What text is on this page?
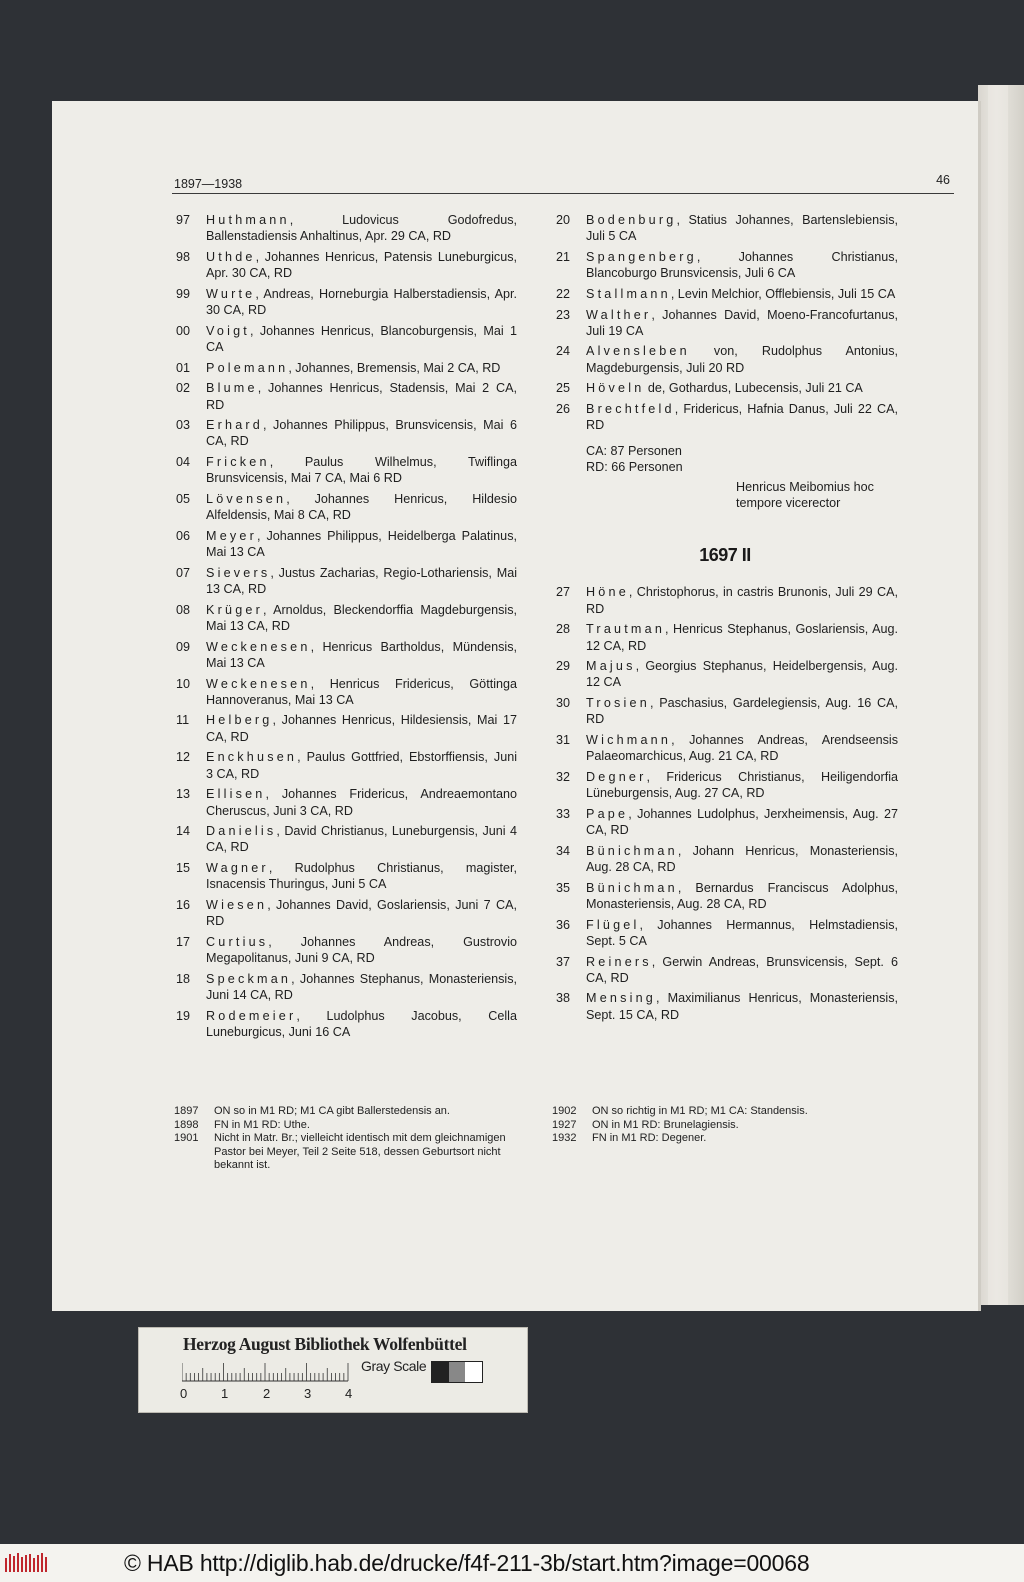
1897—1938	46
97 Huthmann, Ludovicus Godofredus, Ballenstadiensis Anhaltinus, Apr. 29 CA, RD
98 Uthde, Johannes Henricus, Patensis Luneburgicus, Apr. 30 CA, RD
99 Wurte, Andreas, Horneburgia Halberstadiensis, Apr. 30 CA, RD
00 Voigt, Johannes Henricus, Blancoburgensis, Mai 1 CA
01 Polemann, Johannes, Bremensis, Mai 2 CA, RD
02 Blume, Johannes Henricus, Stadensis, Mai 2 CA, RD
03 Erhard, Johannes Philippus, Brunsvicensis, Mai 6 CA, RD
04 Fricken, Paulus Wilhelmus, Twiflinga Brunsvicensis, Mai 7 CA, Mai 6 RD
05 Lövensen, Johannes Henricus, Hildesio Alfeldensis, Mai 8 CA, RD
06 Meyer, Johannes Philippus, Heidelberga Palatinus, Mai 13 CA
07 Sievers, Justus Zacharias, Regio-Lothariensis, Mai 13 CA, RD
08 Krüger, Arnoldus, Bleckendorffia Magdeburgensis, Mai 13 CA, RD
09 Weckenesen, Henricus Bartholdus, Mündensis, Mai 13 CA
10 Weckenesen, Henricus Fridericus, Göttinga Hannoveranus, Mai 13 CA
11 Helberg, Johannes Henricus, Hildesiensis, Mai 17 CA, RD
12 Enckhusen, Paulus Gottfried, Ebstorffiensis, Juni 3 CA, RD
13 Ellisen, Johannes Fridericus, Andreaemontano Cheruscus, Juni 3 CA, RD
14 Danielis, David Christianus, Luneburgensis, Juni 4 CA, RD
15 Wagner, Rudolphus Christianus, magister, Isnacensis Thuringus, Juni 5 CA
16 Wiesen, Johannes David, Goslariensis, Juni 7 CA, RD
17 Curtius, Johannes Andreas, Gustrovio Megapolitanus, Juni 9 CA, RD
18 Speckman, Johannes Stephanus, Monasteriensis, Juni 14 CA, RD
19 Rodemeier, Ludolphus Jacobus, Cella Luneburgicus, Juni 16 CA
20 Bodenburg, Statius Johannes, Bartenslebiensis, Juli 5 CA
21 Spangenberg, Johannes Christianus, Blancoburgo Brunsvicensis, Juli 6 CA
22 Stallmann, Levin Melchior, Offlebiensis, Juli 15 CA
23 Walther, Johannes David, Moeno-Francofurtanus, Juli 19 CA
24 Alvensleben von, Rudolphus Antonius, Magdeburgensis, Juli 20 RD
25 Höveln de, Gothardus, Lubecensis, Juli 21 CA
26 Brechtfeld, Fridericus, Hafnia Danus, Juli 22 CA, RD
CA: 87 Personen
RD: 66 Personen
Henricus Meibomius hoc
tempore vicerector
1697 II
27 Höne, Christophorus, in castris Brunonis, Juli 29 CA, RD
28 Trautman, Henricus Stephanus, Goslariensis, Aug. 12 CA, RD
29 Majus, Georgius Stephanus, Heidelbergensis, Aug. 12 CA
30 Trosien, Paschasius, Gardelegiensis, Aug. 16 CA, RD
31 Wichmann, Johannes Andreas, Arendseensis Palaeomarchicus, Aug. 21 CA, RD
32 Degner, Fridericus Christianus, Heiligendorfia Lüneburgensis, Aug. 27 CA, RD
33 Pape, Johannes Ludolphus, Jerxheimensis, Aug. 27 CA, RD
34 Bünichman, Johann Henricus, Monasteriensis, Aug. 28 CA, RD
35 Bünichman, Bernardus Franciscus Adolphus, Monasteriensis, Aug. 28 CA, RD
36 Flügel, Johannes Hermannus, Helmstadiensis, Sept. 5 CA
37 Reiners, Gerwin Andreas, Brunsvicensis, Sept. 6 CA, RD
38 Mensing, Maximilianus Henricus, Monasteriensis, Sept. 15 CA, RD
1897 ON so in M1 RD; M1 CA gibt Ballerstedensis an.
1898 FN in M1 RD: Uthe.
1901 Nicht in Matr. Br.; vielleicht identisch mit dem gleichnamigen Pastor bei Meyer, Teil 2 Seite 518, dessen Geburtsort nicht bekannt ist.
1902 ON so richtig in M1 RD; M1 CA: Standensis.
1927 ON in M1 RD: Brunelagiensis.
1932 FN in M1 RD: Degener.
Herzog August Bibliothek Wolfenbüttel
Gray Scale
0	1	2	3	4
© HAB http://diglib.hab.de/drucke/f4f-211-3b/start.htm?image=00068
